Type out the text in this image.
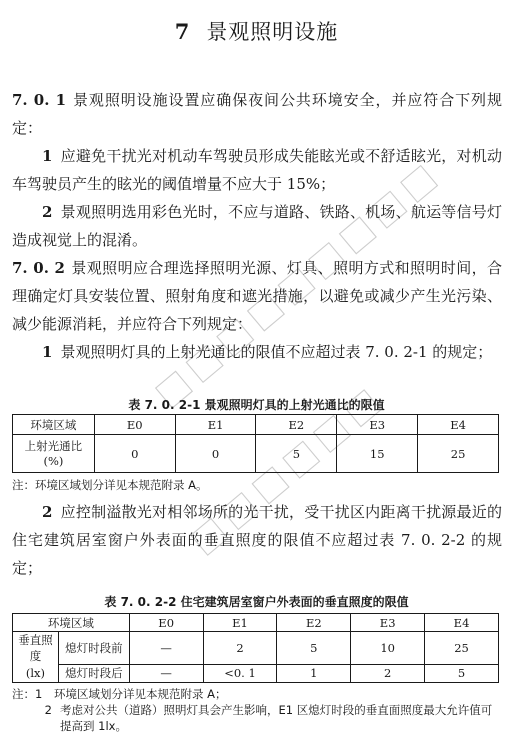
7 景观照明设施
7. 0. 1 景观照明设施设置应确保夜间公共环境安全，并应符合下列规定：
1 应避免干扰光对机动车驾驶员形成失能眩光或不舒适眩光，对机动车驾驶员产生的眩光的阈值增量不应大于 15%；
2 景观照明选用彩色光时，不应与道路、铁路、机场、航运等信号灯造成视觉上的混淆。
7. 0. 2 景观照明应合理选择照明光源、灯具、照明方式和照明时间，合理确定灯具安装位置、照射角度和遮光措施，以避免或减少产生光污染、减少能源消耗，并应符合下列规定：
1 景观照明灯具的上射光通比的限值不应超过表 7. 0. 2-1 的规定；
表 7. 0. 2-1 景观照明灯具的上射光通比的限值
环境区域	E0	E1	E2	E3	E4

上射光通比
(%)	0	0	5	15	25
注：环境区域划分详见本规范附录 A。
2 应控制溢散光对相邻场所的光干扰，受干扰区内距离干扰源最近的住宅建筑居室窗户外表面的垂直照度的限值不应超过表 7. 0. 2-2 的规定；
表 7. 0. 2-2 住宅建筑居室窗户外表面的垂直照度的限值
环境区域		E0	E1	E2	E3	E4
垂直照度	熄灯时段前	—	2	5	10	25
(lx)	熄灯时段后	—	<0. 1	1	2	5
注：1 环境区域划分详见本规范附录 A；
2 考虑对公共（道路）照明灯具会产生影响，E1 区熄灯时段的垂直面照度最大允许值可提高到 1lx。
